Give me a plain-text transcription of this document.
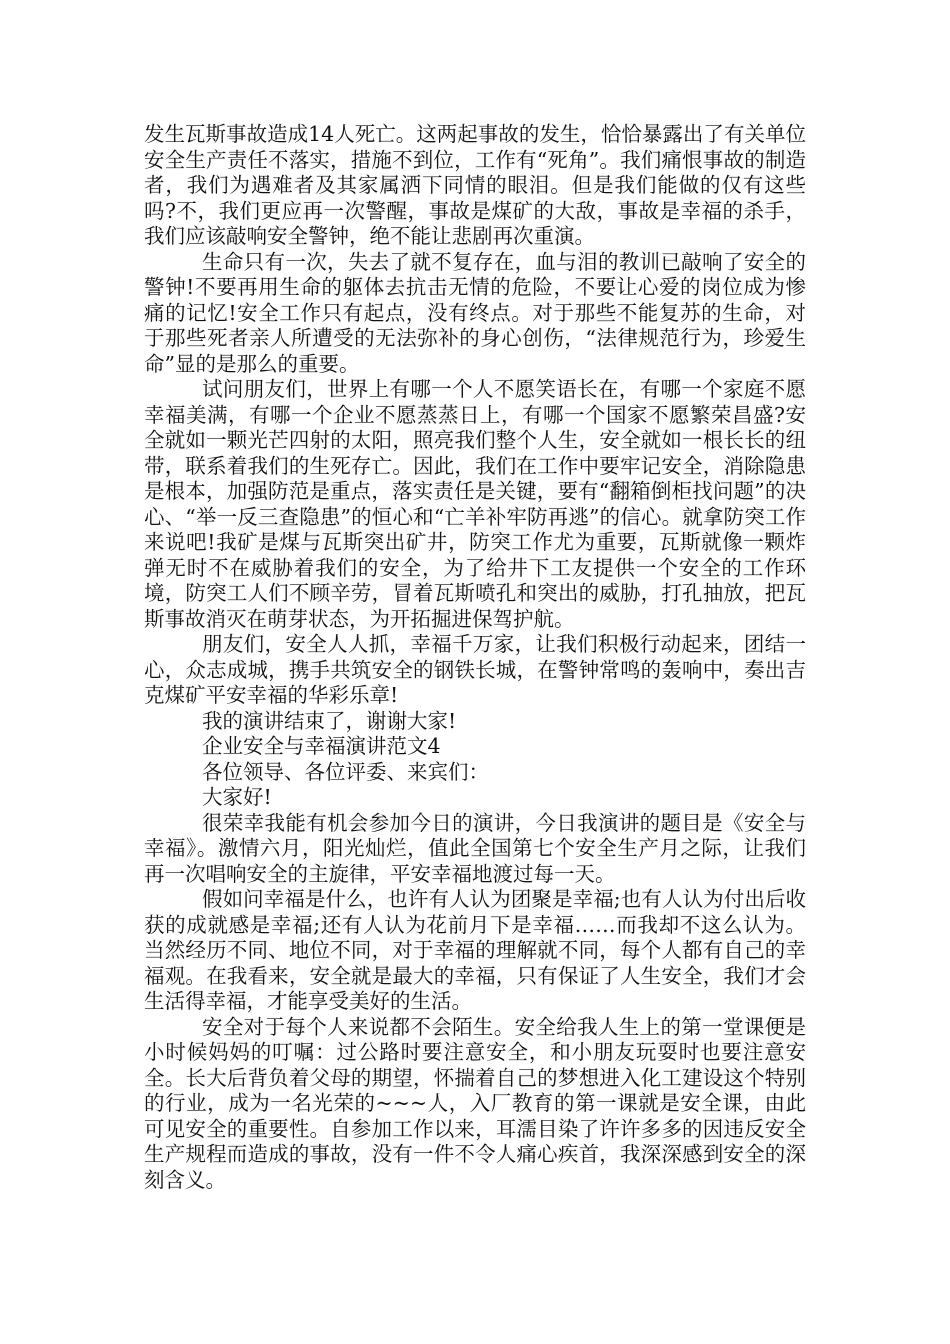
发生瓦斯事故造成14人死亡。这两起事故的发生，恰恰暴露出了有关单位安全生产责任不落实，措施不到位，工作有“死角”。我们痛恨事故的制造者，我们为遇难者及其家属洒下同情的眼泪。但是我们能做的仅有这些吗?不，我们更应再一次警醒，事故是煤矿的大敌，事故是幸福的杀手，我们应该敲响安全警钟，绝不能让悲剧再次重演。

生命只有一次，失去了就不复存在，血与泪的教训已敲响了安全的警钟!不要再用生命的躯体去抗击无情的危险，不要让心爱的岗位成为惨痛的记忆!安全工作只有起点，没有终点。对于那些不能复苏的生命，对于那些死者亲人所遭受的无法弥补的身心创伤，“法律规范行为，珍爱生命”显的是那么的重要。

试问朋友们，世界上有哪一个人不愿笑语长在，有哪一个家庭不愿幸福美满，有哪一个企业不愿蒸蒸日上，有哪一个国家不愿繁荣昌盛?安全就如一颗光芒四射的太阳，照亮我们整个人生，安全就如一根长长的纽带，联系着我们的生死存亡。因此，我们在工作中要牢记安全，消除隐患是根本，加强防范是重点，落实责任是关键，要有“翻箱倒柜找问题”的决心、“举一反三查隐患”的恒心和“亡羊补牢防再逃”的信心。就拿防突工作来说吧!我矿是煤与瓦斯突出矿井，防突工作尤为重要，瓦斯就像一颗炸弹无时不在威胁着我们的安全，为了给井下工友提供一个安全的工作环境，防突工人们不顾辛劳，冒着瓦斯喷孔和突出的威胁，打孔抽放，把瓦斯事故消灭在萌芽状态，为开拓掘进保驾护航。

朋友们，安全人人抓，幸福千万家，让我们积极行动起来，团结一心，众志成城，携手共筑安全的钢铁长城，在警钟常鸣的轰响中，奏出吉克煤矿平安幸福的华彩乐章!

我的演讲结束了，谢谢大家!

企业安全与幸福演讲范文4

各位领导、各位评委、来宾们：

大家好!

很荣幸我能有机会参加今日的演讲，今日我演讲的题目是《安全与幸福》。激情六月，阳光灿烂，值此全国第七个安全生产月之际，让我们再一次唱响安全的主旋律，平安幸福地渡过每一天。

假如问幸福是什么，也许有人认为团聚是幸福;也有人认为付出后收获的成就感是幸福;还有人认为花前月下是幸福……而我却不这么认为。当然经历不同、地位不同，对于幸福的理解就不同，每个人都有自己的幸福观。在我看来，安全就是最大的幸福，只有保证了人生安全，我们才会生活得幸福，才能享受美好的生活。

安全对于每个人来说都不会陌生。安全给我人生上的第一堂课便是小时候妈妈的叮嘱：过公路时要注意安全，和小朋友玩耍时也要注意安全。长大后背负着父母的期望，怀揣着自己的梦想进入化工建设这个特别的行业，成为一名光荣的~~~人，入厂教育的第一课就是安全课，由此可见安全的重要性。自参加工作以来，耳濡目染了许许多多的因违反安全生产规程而造成的事故，没有一件不令人痛心疾首，我深深感到安全的深刻含义。
